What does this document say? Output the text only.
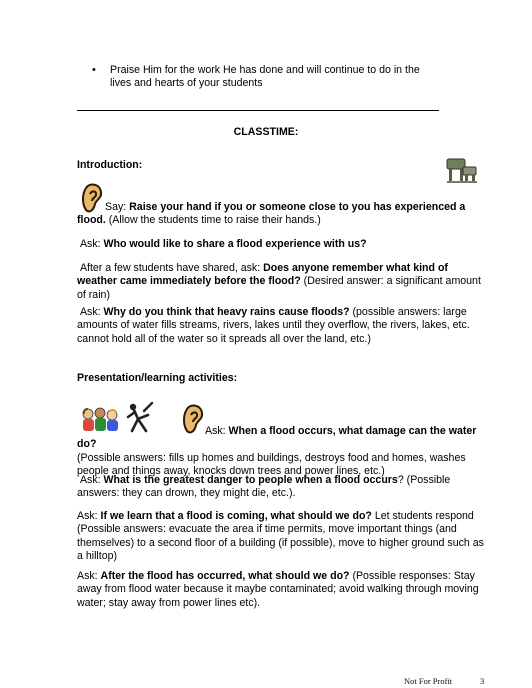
• Praise Him for the work He has done and will continue to do in the lives and hearts of your students
CLASSTIME:
Introduction:

Say: Raise your hand if you or someone close to you has experienced a flood. (Allow the students time to raise their hands.)

Ask: Who would like to share a flood experience with us?

After a few students have shared, ask: Does anyone remember what kind of weather came immediately before the flood? (Desired answer: a significant amount of rain)

Ask: Why do you think that heavy rains cause floods? (possible answers: large amounts of water fills streams, rivers, lakes until they overflow, the rivers, lakes, etc. cannot hold all of the water so it spreads all over the land, etc.)

Presentation/learning activities:

Ask: When a flood occurs, what damage can the water do?
(Possible answers: fills up homes and buildings, destroys food and homes, washes people and things away, knocks down trees and power lines, etc.)

Ask: What is the greatest danger to people when a flood occurs? (Possible answers: they can drown, they might die, etc.).

Ask: If we learn that a flood is coming, what should we do? Let students respond (Possible answers: evacuate the area if time permits, move important things (and themselves) to a second floor of a building (if possible), move to higher ground such as a hilltop)

Ask: After the flood has occurred, what should we do? (Possible responses: Stay away from flood water because it maybe contaminated; avoid walking through moving water; stay away from power lines etc).

Not For Profit	3
